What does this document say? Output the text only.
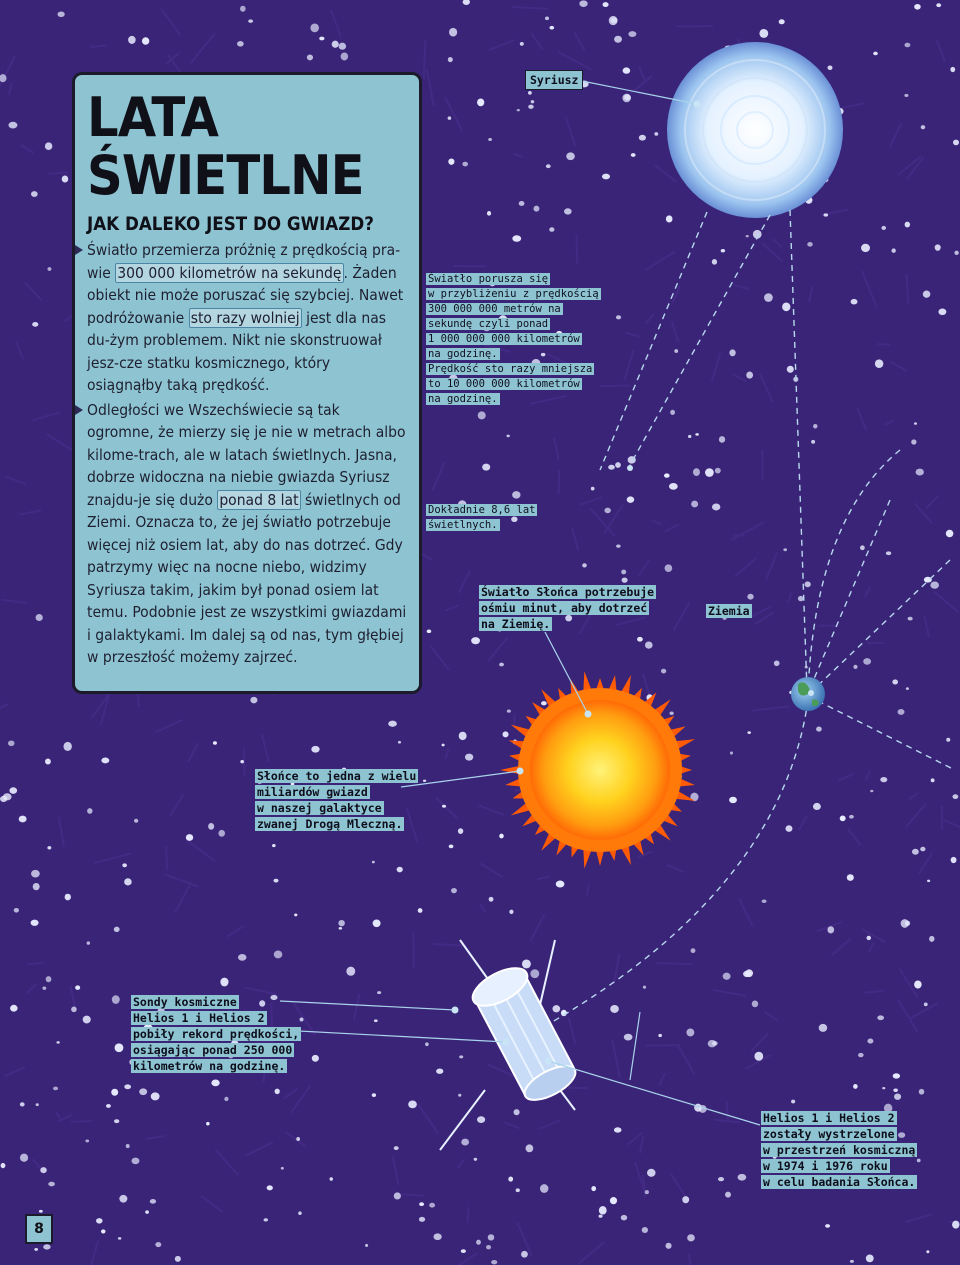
LATA
ŚWIETLNE
JAK DALEKO JEST DO GWIAZD?

Światło przemierza próżnię z prędkością pra-wie 300 000 kilometrów na sekundę . Żaden obiekt nie może poruszać się szybciej. Nawet podróżowanie sto razy wolniej jest dla nas du-żym problemem. Nikt nie skonstruował jesz-cze statku kosmicznego, który osiągnąłby taką prędkość.

Odległości we Wszechświecie są tak ogromne, że mierzy się je nie w metrach albo kilome-trach, ale w latach świetlnych. Jasna, dobrze widoczna na niebie gwiazda Syriusz znajdu-je się dużo ponad 8 lat świetlnych od Ziemi. Oznacza to, że jej światło potrzebuje więcej niż osiem lat, aby do nas dotrzeć. Gdy patrzymy więc na nocne niebo, widzimy Syriusza takim, jakim był ponad osiem lat temu. Podobnie jest ze wszystkimi gwiazdami i galaktykami. Im dalej są od nas, tym głębiej w przeszłość możemy zajrzeć.

Syriusz
Światło porusza się
w przybliżeniu z prędkością
300 000 000 metrów na
sekundę czyli ponad
1 000 000 000 kilometrów
na godzinę.
Prędkość sto razy mniejsza
to 10 000 000 kilometrów
na godzinę.
Dokładnie 8,6 lat
świetlnych.
Światło Słońca potrzebuje
ośmiu minut, aby dotrzeć
na Ziemię.
Ziemia
Słońce to jedna z wielu
miliardów gwiazd
w naszej galaktyce
zwanej Drogą Mleczną.
Sondy kosmiczne
Helios 1 i Helios 2
pobiły rekord prędkości,
osiągając ponad 250 000
kilometrów na godzinę.
Helios 1 i Helios 2
zostały wystrzelone
w przestrzeń kosmiczną
w 1974 i 1976 roku
w celu badania Słońca.
8
